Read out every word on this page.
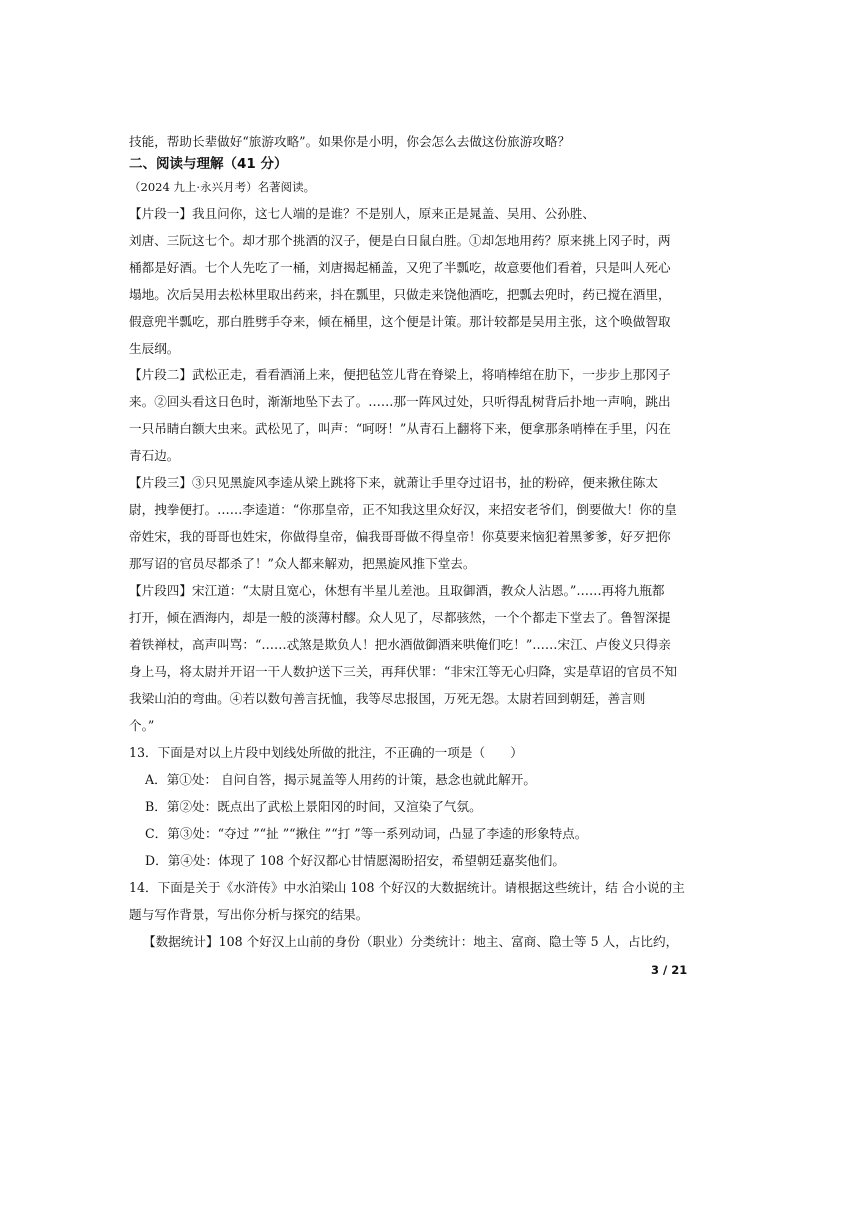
技能，帮助长辈做好“旅游攻略”。如果你是小明，你会怎么去做这份旅游攻略？
二、阅读与理解（41 分）
（2024 九上·永兴月考）名著阅读。
【片段一】我且问你，这七人端的是谁？不是别人，原来正是晁盖、吴用、公孙胜、
刘唐、三阮这七个。却才那个挑酒的汉子，便是白日鼠白胜。①却怎地用药？原来挑上冈子时，两
桶都是好酒。七个人先吃了一桶，刘唐揭起桶盖，又兜了半瓢吃，故意要他们看着，只是叫人死心
塌地。次后吴用去松林里取出药来，抖在瓢里，只做走来饶他酒吃，把瓢去兜时，药已搅在酒里，
假意兜半瓢吃，那白胜劈手夺来，倾在桶里，这个便是计策。那计较都是吴用主张，这个唤做智取
生辰纲。
【片段二】武松正走，看看酒涌上来，便把毡笠儿背在脊梁上，将哨棒绾在肋下，一步步上那冈子
来。②回头看这日色时，渐渐地坠下去了。……那一阵风过处，只听得乱树背后扑地一声响，跳出
一只吊睛白额大虫来。武松见了，叫声：“呵呀！”从青石上翻将下来，便拿那条哨棒在手里，闪在
青石边。
【片段三】③只见黑旋风李逵从梁上跳将下来，就萧让手里夺过诏书，扯的粉碎，便来揪住陈太
尉，拽拳便打。……李逵道：“你那皇帝，正不知我这里众好汉，来招安老爷们，倒要做大！你的皇
帝姓宋，我的哥哥也姓宋，你做得皇帝，偏我哥哥做不得皇帝！你莫要来恼犯着黑爹爹，好歹把你
那写诏的官员尽都杀了！”众人都来解劝，把黑旋风推下堂去。
【片段四】宋江道：“太尉且宽心，休想有半星儿差池。且取御酒，教众人沾恩。”……再将九瓶都
打开，倾在酒海内，却是一般的淡薄村醪。众人见了，尽都骇然，一个个都走下堂去了。鲁智深提
着铁禅杖，高声叫骂：“……忒煞是欺负人！把水酒做御酒来哄俺们吃！”……宋江、卢俊义只得亲
身上马，将太尉并开诏一干人数护送下三关，再拜伏罪：“非宋江等无心归降，实是草诏的官员不知
我梁山泊的弯曲。④若以数句善言抚恤，我等尽忠报国，万死无怨。太尉若回到朝廷，善言则
个。”
13．下面是对以上片段中划线处所做的批注，不正确的一项是（　　）
A．第①处： 自问自答，揭示晁盖等人用药的计策，悬念也就此解开。
B．第②处：既点出了武松上景阳冈的时间，又渲染了气氛。
C．第③处：“夺过 ”“扯 ”“揪住 ”“打 ”等一系列动词，凸显了李逵的形象特点。
D．第④处：体现了 108 个好汉都心甘情愿渴盼招安，希望朝廷嘉奖他们。
14．下面是关于《水浒传》中水泊梁山 108 个好汉的大数据统计。请根据这些统计，结 合小说的主
题与写作背景，写出你分析与探究的结果。
【数据统计】108 个好汉上山前的身份（职业）分类统计：地主、富商、隐士等 5 人，占比约，
3 / 21
